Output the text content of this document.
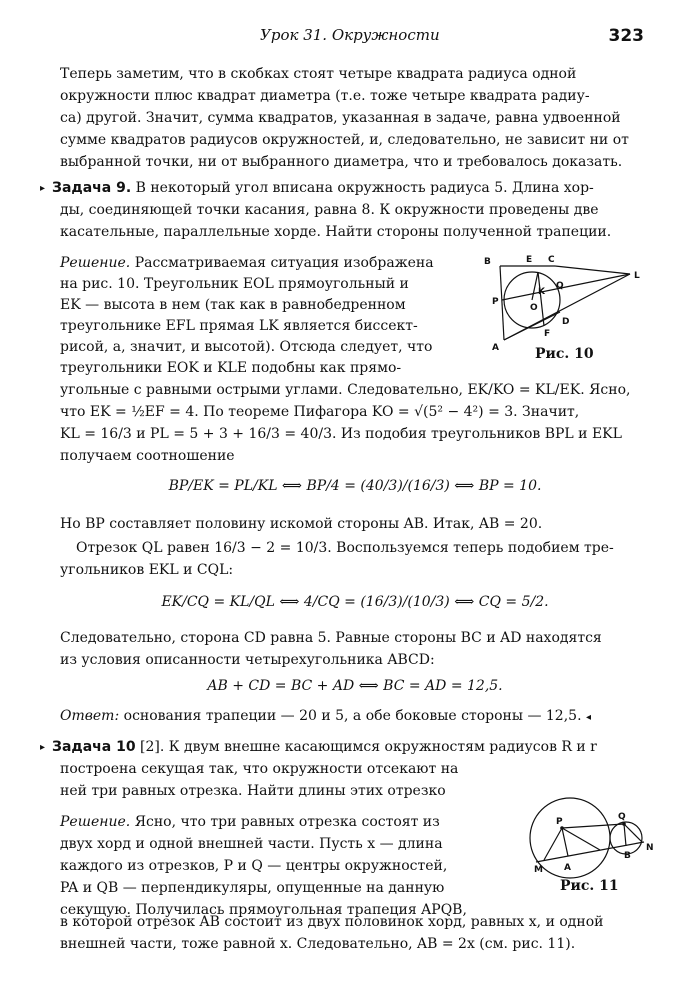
Урок 31. Окружности	323
Теперь заметим, что в скобках стоят четыре квадрата радиуса одной
окружности плюс квадрат диаметра (т.е. тоже четыре квадрата радиу-
са) другой. Значит, сумма квадратов, указанная в задаче, равна удвоенной
сумме квадратов радиусов окружностей, и, следовательно, не зависит ни от
выбранной точки, ни от выбранного диаметра, что и требовалось доказать.
▸ Задача 9. В некоторый угол вписана окружность радиуса 5. Длина хор-
ды, соединяющей точки касания, равна 8. К окружности проведены две
касательные, параллельные хорде. Найти стороны полученной трапеции.
Решение. Рассматриваемая ситуация изображена
на рис. 10. Треугольник EOL прямоугольный и
EK — высота в нем (так как в равнобедренном
треугольнике EFL прямая LK является биссект-
рисой, а, значит, и высотой). Отсюда следует, что
треугольники EOK и KLE подобны как прямо-
B	E C
K
Q
L
P
O
A
F
D
Рис. 10
угольные с равными острыми углами. Следовательно, EK/KO = KL/EK. Ясно,
что EK = ½EF = 4. По теореме Пифагора KO = √(5² − 4²) = 3. Значит,
KL = 16/3 и PL = 5 + 3 + 16/3 = 40/3. Из подобия треугольников BPL и EKL
получаем соотношение
BP/EK = PL/KL ⟺ BP/4 = (40/3)/(16/3) ⟺ BP = 10.
Но BP составляет половину искомой стороны AB. Итак, AB = 20.
Отрезок QL равен 16/3 − 2 = 10/3. Воспользуемся теперь подобием тре-
угольников EKL и CQL:
EK/CQ = KL/QL ⟺ 4/CQ = (16/3)/(10/3) ⟺ CQ = 5/2.
Следовательно, сторона CD равна 5. Равные стороны BC и AD находятся
из условия описанности четырехугольника ABCD:
AB + CD = BC + AD ⟺ BC = AD = 12,5.
Ответ: основания трапеции — 20 и 5, а обе боковые стороны — 12,5. ◂
▸ Задача 10 [2]. К двум внешне касающимся окружностям радиусов R и r
построена секущая так, что окружности отсекают на
ней три равных отрезка. Найти длины этих отрезко
Решение. Ясно, что три равных отрезка состоят из
двух хорд и одной внешней части. Пусть x — длина
каждого из отрезков, P и Q — центры окружностей,
PA и QB — перпендикуляры, опущенные на данную
секущую. Получилась прямоугольная трапеция APQB,
P	Q
M A
B
N
Рис. 11
в которой отрезок AB состоит из двух половинок хорд, равных x, и одной
внешней части, тоже равной x. Следовательно, AB = 2x (см. рис. 11).
